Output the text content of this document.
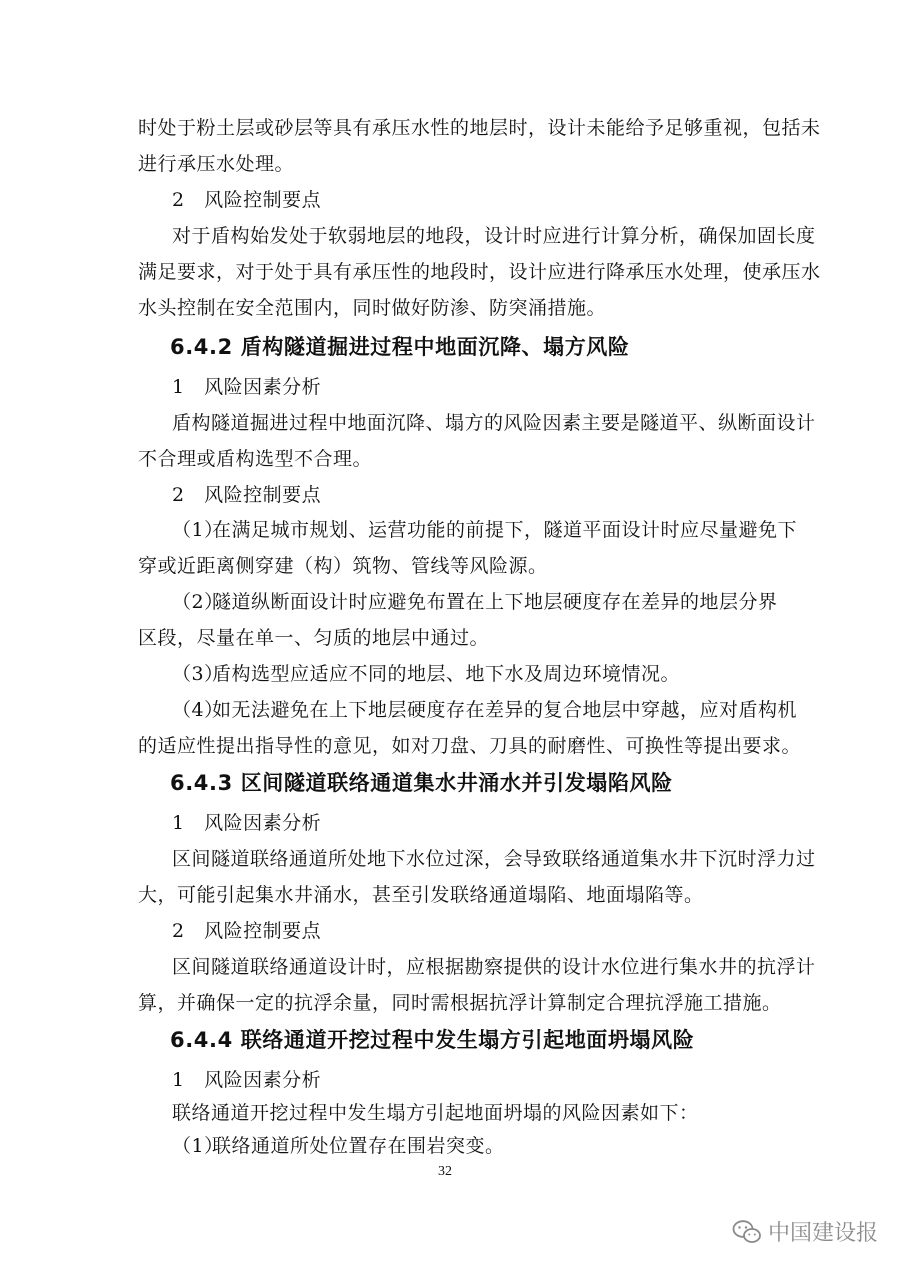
时处于粉土层或砂层等具有承压水性的地层时，设计未能给予足够重视，包括未
进行承压水处理。
2　风险控制要点
对于盾构始发处于软弱地层的地段，设计时应进行计算分析，确保加固长度
满足要求，对于处于具有承压性的地段时，设计应进行降承压水处理，使承压水
水头控制在安全范围内，同时做好防渗、防突涌措施。
6.4.2 盾构隧道掘进过程中地面沉降、塌方风险
1　风险因素分析
盾构隧道掘进过程中地面沉降、塌方的风险因素主要是隧道平、纵断面设计
不合理或盾构选型不合理。
2　风险控制要点
（1）在满足城市规划、运营功能的前提下，隧道平面设计时应尽量避免下
穿或近距离侧穿建（构）筑物、管线等风险源。
（2）隧道纵断面设计时应避免布置在上下地层硬度存在差异的地层分界
区段，尽量在单一、匀质的地层中通过。
（3）盾构选型应适应不同的地层、地下水及周边环境情况。
（4）如无法避免在上下地层硬度存在差异的复合地层中穿越，应对盾构机
的适应性提出指导性的意见，如对刀盘、刀具的耐磨性、可换性等提出要求。
6.4.3 区间隧道联络通道集水井涌水并引发塌陷风险
1　风险因素分析
区间隧道联络通道所处地下水位过深，会导致联络通道集水井下沉时浮力过
大，可能引起集水井涌水，甚至引发联络通道塌陷、地面塌陷等。
2　风险控制要点
区间隧道联络通道设计时，应根据勘察提供的设计水位进行集水井的抗浮计
算，并确保一定的抗浮余量，同时需根据抗浮计算制定合理抗浮施工措施。
6.4.4 联络通道开挖过程中发生塌方引起地面坍塌风险
1　风险因素分析
联络通道开挖过程中发生塌方引起地面坍塌的风险因素如下：
（1）联络通道所处位置存在围岩突变。
32
中国建设报
